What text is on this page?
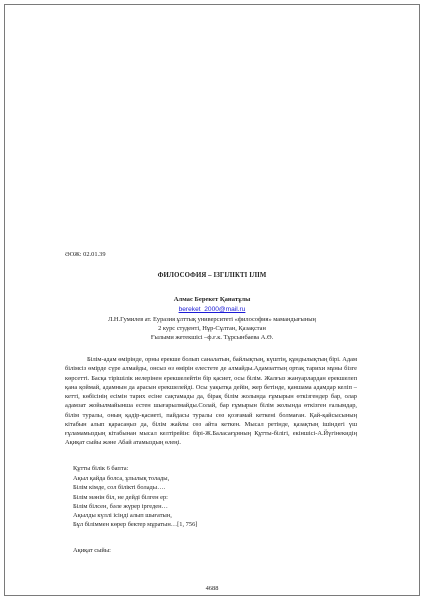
ӘОЖ: 02.01.39
ФИЛОСОФИЯ – ІЗГІЛІКТІ ІЛІМ
Алмас Берекет Қанатұлы
bereket_2000@mail.ru
Л.Н.Гумилев ат. Еуразия ұлттық университеті «философия» мамандығының
2 курс студенті, Нұр-Сұлтан, Қазақстан
Ғылыми жетекшісі –ф.ғ.к. Тұрсынбаева А.Ө.

Білім-адам өмірінде, орны ерекше болып саналатын, байлықтың, күштің, құндылықтың бірі. Адам білімсіз өмірде сүре алмайды, онсыз өз өмірін елестете де алмайды.Адамзаттың ортақ тарихи мұны бізге көрсетті. Басқа тірішілік иелерінен ерекшелейтін бір қасиет, осы білім. Жалғыз жануарлардан ерекшелеп қана қоймай, адамнын да арасын ерекшелейді. Осы уақытқа дейін, жер бетінде, қаншама адамдар келіп – кетті, көбісінің есімін тарих есіне сақтамады да, бірақ білім жолында ғұмырын өткізгендер бар, олар адамзат жойылмайынша естен шығарылмайды.Солай, бар ғұмырын білім жолында өткізген ғалымдар, білім туралы, оның қадір-қасиеті, пайдасы туралы сөз қозғамай кеткені болмаған. Қай-қайсысының кітабын алып қарасаңыз да, білім жайлы сөз айта кеткен. Мысал ретінде, қазақтың ішіндегі үш ғұламамыздың кітабынан мысал келтірейін: бірі-Ж.Баласағұнның Құтты-білігі, екіншісі-А.Йүгінекидің Ақиқат сыйы және Абай атамыздың өлеңі.

Құтты білік 6 бапта:
Ақыл қайда болса, ұлылық толады,
Білім кімде, сол білікті болады….
Білім мәнін біл, не дейді білген ер:
Білім білсен, бәле жүрер іргеден…
Ақылды күллі ісіңді алып шығатын,
Бұл біліммен көрер бектер мұратын…[1, 756]
Ақиқат сыйы:
4688
